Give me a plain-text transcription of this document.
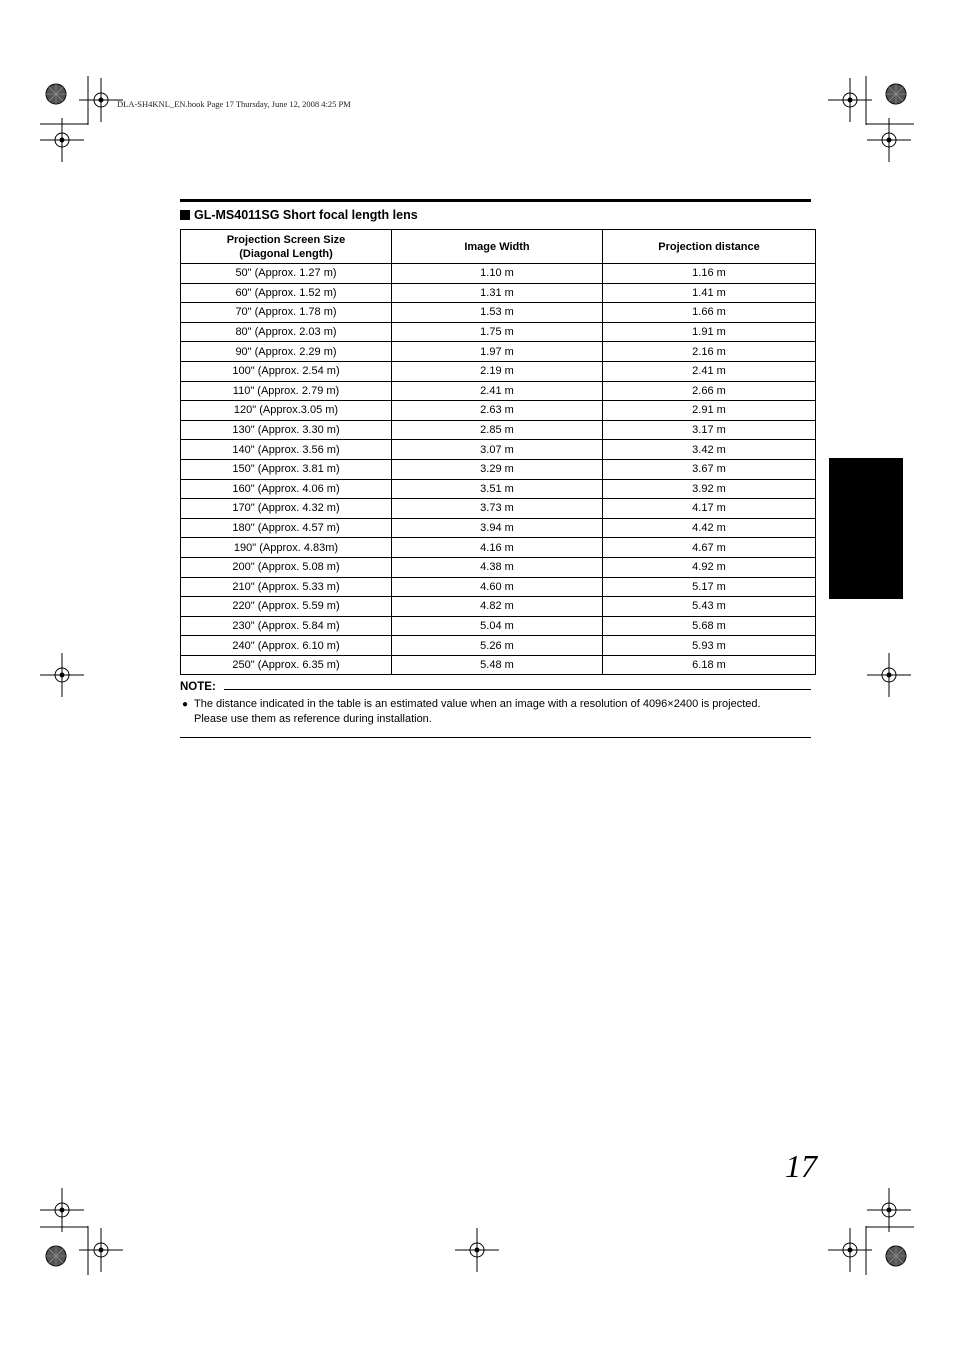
DLA-SH4KNL_EN.book Page 17 Thursday, June 12, 2008 4:25 PM
GL-MS4011SG Short focal length lens
Projection Screen Size
(Diagonal Length)	Image Width	Projection distance
50" (Approx. 1.27 m)	1.10 m	1.16 m
60" (Approx. 1.52 m)	1.31 m	1.41 m
70" (Approx. 1.78 m)	1.53 m	1.66 m
80" (Approx. 2.03 m)	1.75 m	1.91 m
90" (Approx. 2.29 m)	1.97 m	2.16 m
100" (Approx. 2.54 m)	2.19 m	2.41 m
110" (Approx. 2.79 m)	2.41 m	2.66 m
120" (Approx.3.05 m)	2.63 m	2.91 m
130" (Approx. 3.30 m)	2.85 m	3.17 m
140" (Approx. 3.56 m)	3.07 m	3.42 m
150" (Approx. 3.81 m)	3.29 m	3.67 m
160" (Approx. 4.06 m)	3.51 m	3.92 m
170" (Approx. 4.32 m)	3.73 m	4.17 m
180" (Approx. 4.57 m)	3.94 m	4.42 m
190" (Approx. 4.83m)	4.16 m	4.67 m
200" (Approx. 5.08 m)	4.38 m	4.92 m
210" (Approx. 5.33 m)	4.60 m	5.17 m
220" (Approx. 5.59 m)	4.82 m	5.43 m
230" (Approx. 5.84 m)	5.04 m	5.68 m
240" (Approx. 6.10 m)	5.26 m	5.93 m
250" (Approx. 6.35 m)	5.48 m	6.18 m
NOTE:
● The distance indicated in the table is an estimated value when an image with a resolution of 4096×2400 is projected.
Please use them as reference during installation.
17
